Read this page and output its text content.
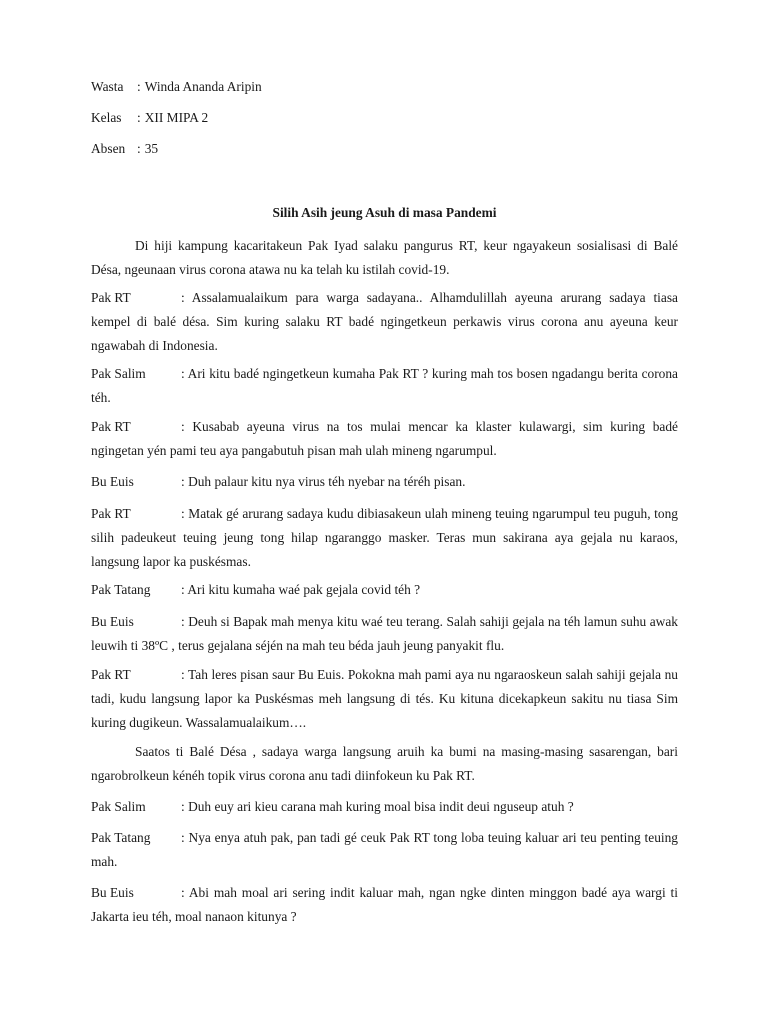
Wasta : Winda Ananda Aripin
Kelas : XII MIPA 2
Absen : 35
Silih Asih jeung Asuh di masa Pandemi
Di hiji kampung kacaritakeun Pak Iyad salaku pangurus RT, keur ngayakeun sosialisasi di Balé Désa, ngeunaan virus corona atawa nu ka telah ku istilah covid-19.
Pak RT	: Assalamualaikum para warga sadayana.. Alhamdulillah ayeuna arurang sadaya tiasa kempel di balé désa. Sim kuring salaku RT badé ngingetkeun perkawis virus corona anu ayeuna keur ngawabah di Indonesia.
Pak Salim	: Ari kitu badé ngingetkeun kumaha Pak RT ? kuring mah tos bosen ngadangu berita corona téh.
Pak RT	: Kusabab ayeuna virus na tos mulai mencar ka klaster kulawargi, sim kuring badé ngingetan yén pami teu aya pangabutuh pisan mah ulah mineng ngarumpul.
Bu Euis	: Duh palaur kitu nya virus téh nyebar na téréh pisan.
Pak RT	: Matak gé arurang sadaya kudu dibiasakeun ulah mineng teuing ngarumpul teu puguh, tong silih padeukeut teuing jeung tong hilap ngaranggo masker. Teras mun sakirana aya gejala nu karaos, langsung lapor ka puskésmas.
Pak Tatang : Ari kitu kumaha waé pak gejala covid téh ?
Bu Euis	: Deuh si Bapak mah menya kitu waé teu terang. Salah sahiji gejala na téh lamun suhu awak leuwih ti 38ºC , terus gejalana séjén na mah teu béda jauh jeung panyakit flu.
Pak RT	: Tah leres pisan saur Bu Euis. Pokokna mah pami aya nu ngaraoskeun salah sahiji gejala nu tadi, kudu langsung lapor ka Puskésmas meh langsung di tés. Ku kituna dicekapkeun sakitu nu tiasa Sim kuring dugikeun. Wassalamualaikum….
Saatos ti Balé Désa , sadaya warga langsung aruih ka bumi na masing-masing sasarengan, bari ngarobrolkeun kénéh topik virus corona anu tadi diinfokeun ku Pak RT.
Pak Salim	: Duh euy ari kieu carana mah kuring moal bisa indit deui nguseup atuh ?
Pak Tatang : Nya enya atuh pak, pan tadi gé ceuk Pak RT tong loba teuing kaluar ari teu penting teuing mah.
Bu Euis	: Abi mah moal ari sering indit kaluar mah, ngan ngke dinten minggon badé aya wargi ti Jakarta ieu téh, moal nanaon kitunya ?
